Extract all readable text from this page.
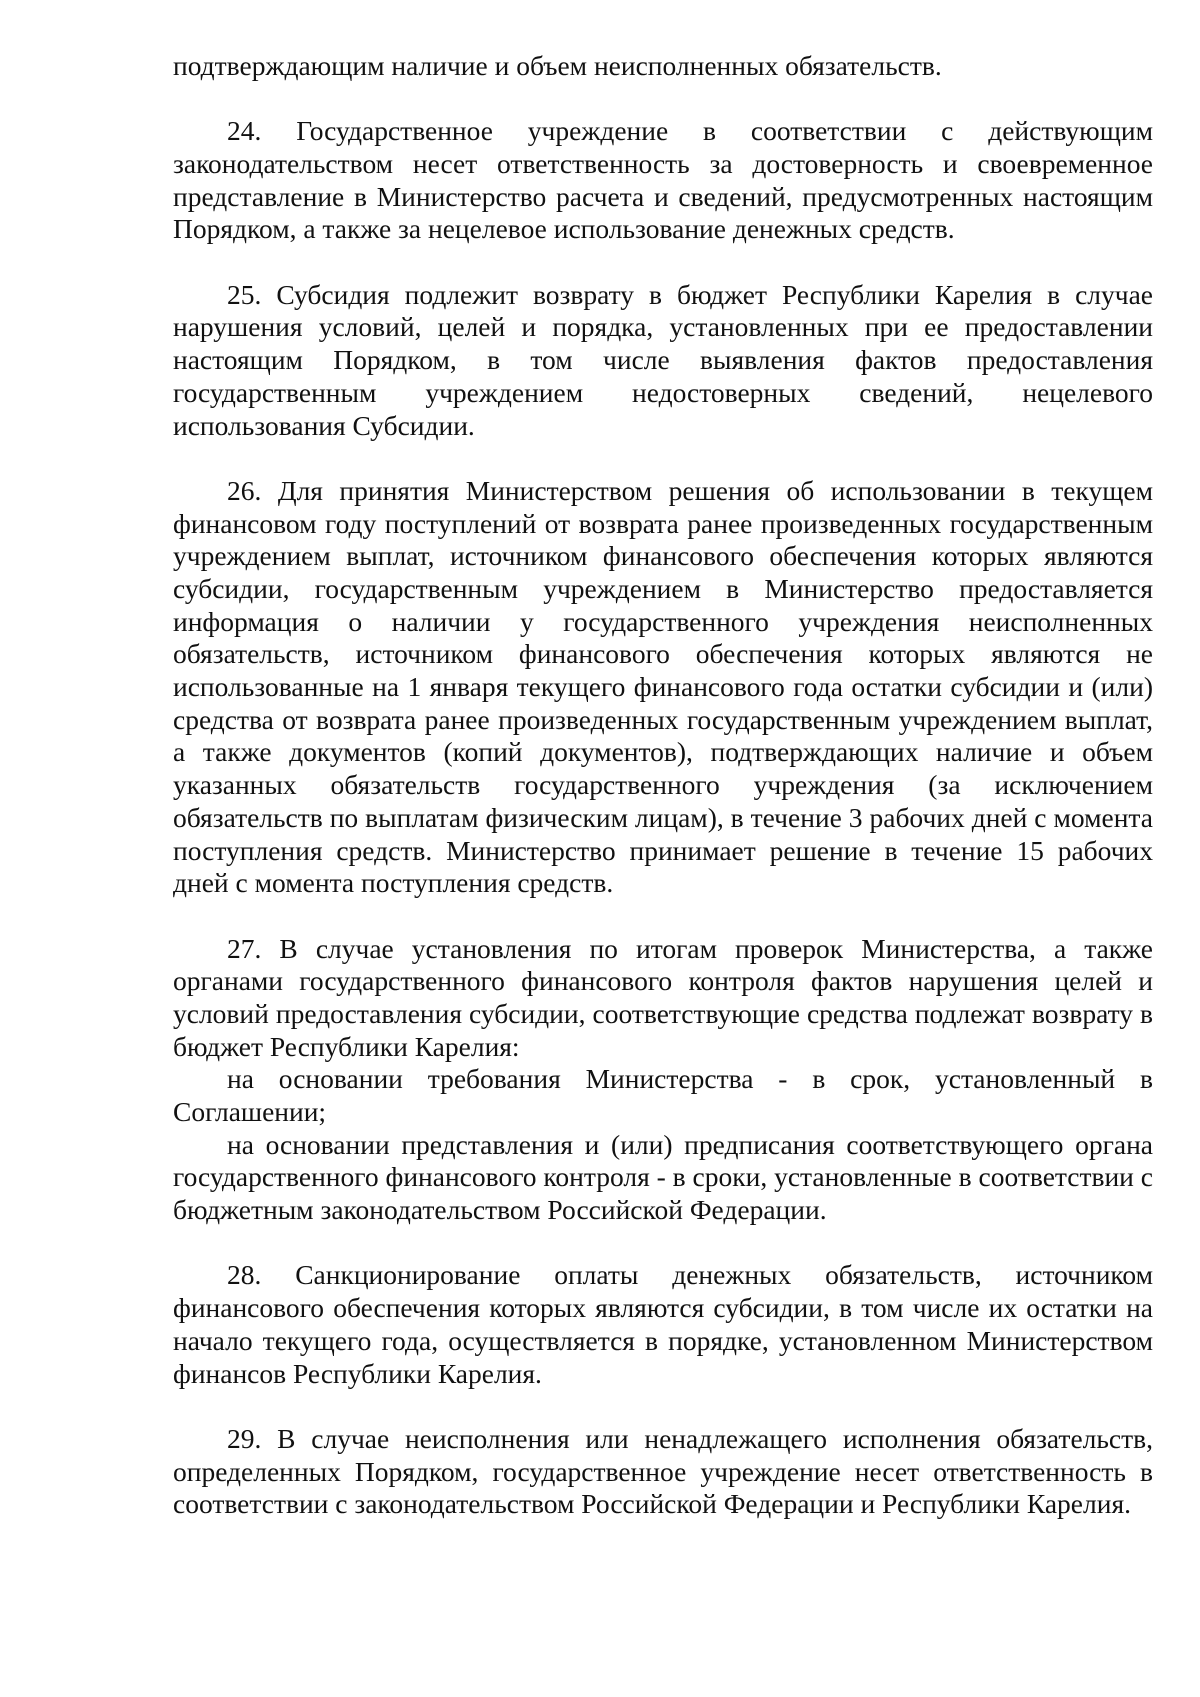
подтверждающим наличие и объем неисполненных обязательств.

24. Государственное учреждение в соответствии с действующим законодательством несет ответственность за достоверность и своевременное представление в Министерство расчета и сведений, предусмотренных настоящим Порядком, а также за нецелевое использование денежных средств.

25. Субсидия подлежит возврату в бюджет Республики Карелия в случае нарушения условий, целей и порядка, установленных при ее предоставлении настоящим Порядком, в том числе выявления фактов предоставления государственным учреждением недостоверных сведений, нецелевого использования Субсидии.

26. Для принятия Министерством решения об использовании в текущем финансовом году поступлений от возврата ранее произведенных государственным учреждением выплат, источником финансового обеспечения которых являются субсидии, государственным учреждением в Министерство предоставляется информация о наличии у государственного учреждения неисполненных обязательств, источником финансового обеспечения которых являются не использованные на 1 января текущего финансового года остатки субсидии и (или) средства от возврата ранее произведенных государственным учреждением выплат, а также документов (копий документов), подтверждающих наличие и объем указанных обязательств государственного учреждения (за исключением обязательств по выплатам физическим лицам), в течение 3 рабочих дней с момента поступления средств. Министерство принимает решение в течение 15 рабочих дней с момента поступления средств.

27. В случае установления по итогам проверок Министерства, а также органами государственного финансового контроля фактов нарушения целей и условий предоставления субсидии, соответствующие средства подлежат возврату в бюджет Республики Карелия:

на основании требования Министерства - в срок, установленный в Соглашении;

на основании представления и (или) предписания соответствующего органа государственного финансового контроля - в сроки, установленные в соответствии с бюджетным законодательством Российской Федерации.

28. Санкционирование оплаты денежных обязательств, источником финансового обеспечения которых являются субсидии, в том числе их остатки на начало текущего года, осуществляется в порядке, установленном Министерством финансов Республики Карелия.

29. В случае неисполнения или ненадлежащего исполнения обязательств, определенных Порядком, государственное учреждение несет ответственность в соответствии с законодательством Российской Федерации и Республики Карелия.
